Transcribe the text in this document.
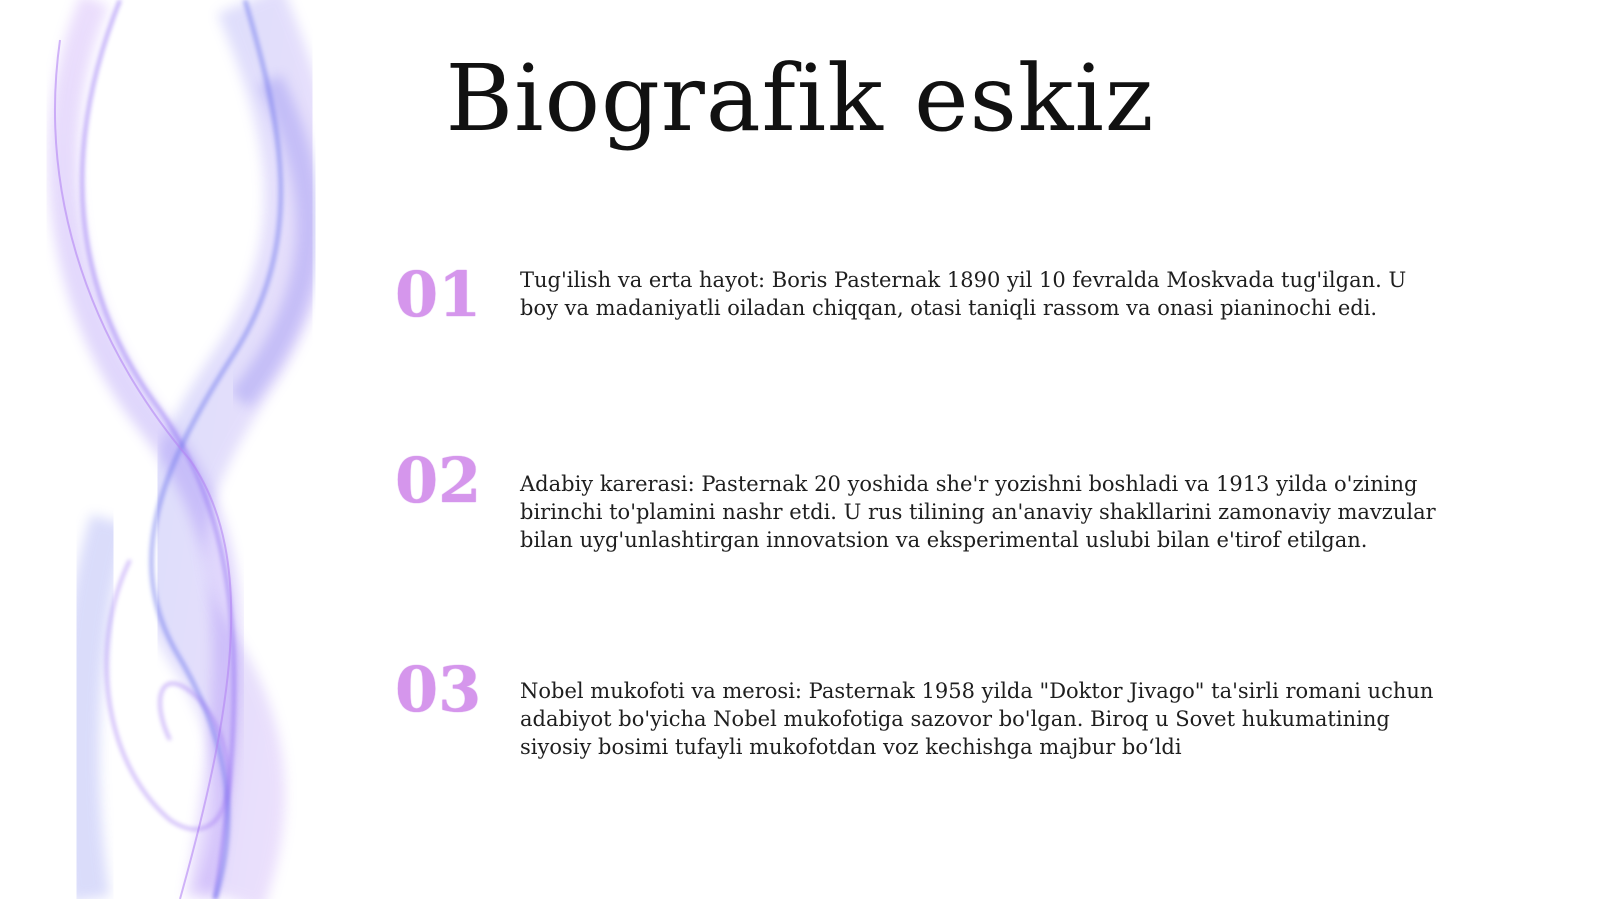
Biografik eskiz
01 Tug'ilish va erta hayot: Boris Pasternak 1890 yil 10 fevralda Moskvada tug'ilgan. U boy va madaniyatli oiladan chiqqan, otasi taniqli rassom va onasi pianinochi edi.
02 Adabiy karerasi: Pasternak 20 yoshida she'r yozishni boshladi va 1913 yilda o'zining birinchi to'plamini nashr etdi. U rus tilining an'anaviy shakllarini zamonaviy mavzular bilan uyg'unlashtirgan innovatsion va eksperimental uslubi bilan e'tirof etilgan.
03 Nobel mukofoti va merosi: Pasternak 1958 yilda "Doktor Jivago" ta'sirli romani uchun adabiyot bo'yicha Nobel mukofotiga sazovor bo'lgan. Biroq u Sovet hukumatining siyosiy bosimi tufayli mukofotdan voz kechishga majbur bo‘ldi
